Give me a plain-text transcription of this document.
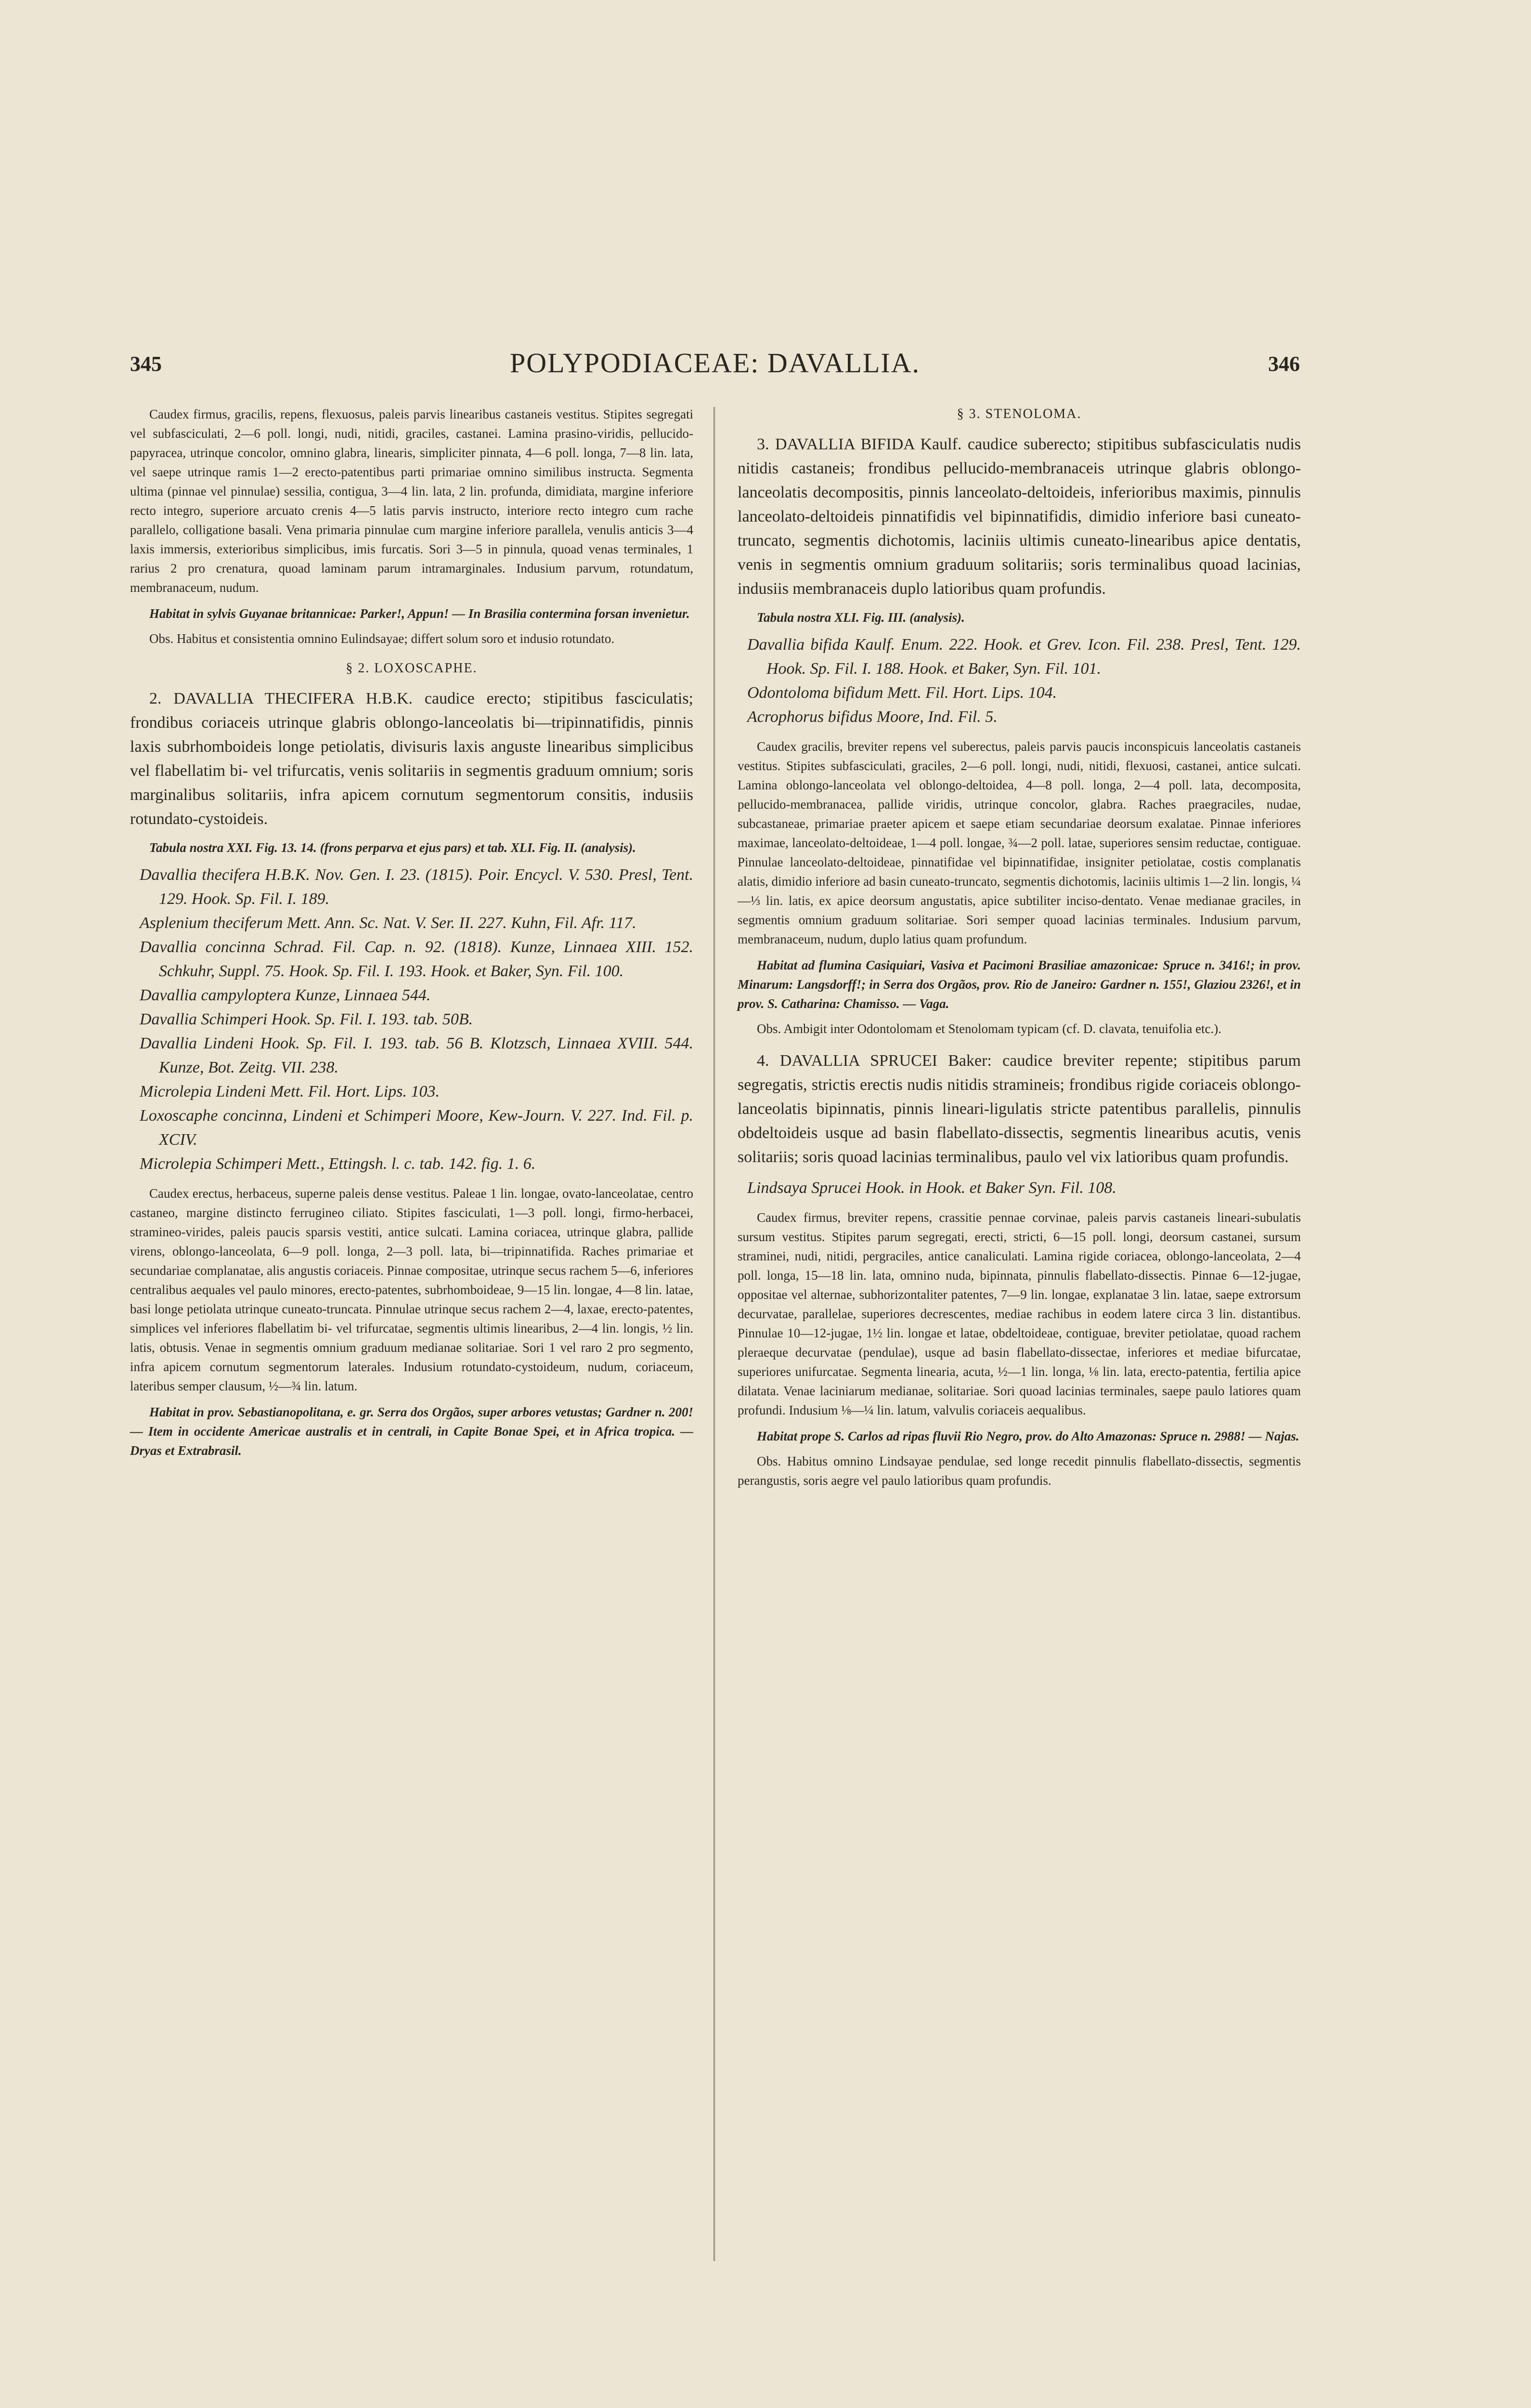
345	POLYPODIACEAE: DAVALLIA.	346

Caudex firmus, gracilis, repens, flexuosus, paleis parvis linearibus castaneis vestitus. Stipites segregati vel subfasciculati, 2—6 poll. longi, nudi, nitidi, graciles, castanei. Lamina prasino-viridis, pellucido-papyracea, utrinque concolor, omnino glabra, linearis, simpliciter pinnata, 4—6 poll. longa, 7—8 lin. lata, vel saepe utrinque ramis 1—2 erecto-patentibus parti primariae omnino similibus instructa. Segmenta ultima (pinnae vel pinnulae) sessilia, contigua, 3—4 lin. lata, 2 lin. profunda, dimidiata, margine inferiore recto integro, superiore arcuato crenis 4—5 latis parvis instructo, interiore recto integro cum rache parallelo, colligatione basali. Vena primaria pinnulae cum margine inferiore parallela, venulis anticis 3—4 laxis immersis, exterioribus simplicibus, imis furcatis. Sori 3—5 in pinnula, quoad venas terminales, 1 rarius 2 pro crenatura, quoad laminam parum intramarginales. Indusium parvum, rotundatum, membranaceum, nudum.

Habitat in sylvis Guyanae britannicae: Parker!, Appun! — In Brasilia contermina forsan invenietur.

Obs. Habitus et consistentia omnino Eulindsayae; differt solum soro et indusio rotundato.

§ 2. LOXOSCAPHE.

2. DAVALLIA THECIFERA H.B.K. caudice erecto; stipitibus fasciculatis; frondibus coriaceis utrinque glabris oblongo-lanceolatis bi—tripinnatifidis, pinnis laxis subrhomboideis longe petiolatis, divisuris laxis anguste linearibus simplicibus vel flabellatim bi- vel trifurcatis, venis solitariis in segmentis graduum omnium; soris marginalibus solitariis, infra apicem cornutum segmentorum consitis, indusiis rotundato-cystoideis.

Tabula nostra XXI. Fig. 13. 14. (frons perparva et ejus pars) et tab. XLI. Fig. II. (analysis).

Davallia thecifera H.B.K. Nov. Gen. I. 23. (1815). Poir. Encycl. V. 530. Presl, Tent. 129. Hook. Sp. Fil. I. 189.

Asplenium theciferum Mett. Ann. Sc. Nat. V. Ser. II. 227. Kuhn, Fil. Afr. 117.

Davallia concinna Schrad. Fil. Cap. n. 92. (1818). Kunze, Linnaea XIII. 152. Schkuhr, Suppl. 75. Hook. Sp. Fil. I. 193. Hook. et Baker, Syn. Fil. 100.

Davallia campyloptera Kunze, Linnaea 544.

Davallia Schimperi Hook. Sp. Fil. I. 193. tab. 50B.

Davallia Lindeni Hook. Sp. Fil. I. 193. tab. 56 B. Klotzsch, Linnaea XVIII. 544. Kunze, Bot. Zeitg. VII. 238.

Microlepia Lindeni Mett. Fil. Hort. Lips. 103.

Loxoscaphe concinna, Lindeni et Schimperi Moore, Kew-Journ. V. 227. Ind. Fil. p. XCIV.

Microlepia Schimperi Mett., Ettingsh. l. c. tab. 142. fig. 1. 6.

Caudex erectus, herbaceus, superne paleis dense vestitus. Paleae 1 lin. longae, ovato-lanceolatae, centro castaneo, margine distincto ferrugineo ciliato. Stipites fasciculati, 1—3 poll. longi, firmo-herbacei, stramineo-virides, paleis paucis sparsis vestiti, antice sulcati. Lamina coriacea, utrinque glabra, pallide virens, oblongo-lanceolata, 6—9 poll. longa, 2—3 poll. lata, bi—tripinnatifida. Raches primariae et secundariae complanatae, alis angustis coriaceis. Pinnae compositae, utrinque secus rachem 5—6, inferiores centralibus aequales vel paulo minores, erecto-patentes, subrhomboideae, 9—15 lin. longae, 4—8 lin. latae, basi longe petiolata utrinque cuneato-truncata. Pinnulae utrinque secus rachem 2—4, laxae, erecto-patentes, simplices vel inferiores flabellatim bi- vel trifurcatae, segmentis ultimis linearibus, 2—4 lin. longis, ½ lin. latis, obtusis. Venae in segmentis omnium graduum medianae solitariae. Sori 1 vel raro 2 pro segmento, infra apicem cornutum segmentorum laterales. Indusium rotundato-cystoideum, nudum, coriaceum, lateribus semper clausum, ½—¾ lin. latum.

Habitat in prov. Sebastianopolitana, e. gr. Serra dos Orgãos, super arbores vetustas; Gardner n. 200! — Item in occidente Americae australis et in centrali, in Capite Bonae Spei, et in Africa tropica. — Dryas et Extrabrasil.

§ 3. STENOLOMA.

3. DAVALLIA BIFIDA Kaulf. caudice suberecto; stipitibus subfasciculatis nudis nitidis castaneis; frondibus pellucido-membranaceis utrinque glabris oblongo-lanceolatis decompositis, pinnis lanceolato-deltoideis, inferioribus maximis, pinnulis lanceolato-deltoideis pinnatifidis vel bipinnatifidis, dimidio inferiore basi cuneato-truncato, segmentis dichotomis, laciniis ultimis cuneato-linearibus apice dentatis, venis in segmentis omnium graduum solitariis; soris terminalibus quoad lacinias, indusiis membranaceis duplo latioribus quam profundis.

Tabula nostra XLI. Fig. III. (analysis).

Davallia bifida Kaulf. Enum. 222. Hook. et Grev. Icon. Fil. 238. Presl, Tent. 129. Hook. Sp. Fil. I. 188. Hook. et Baker, Syn. Fil. 101.

Odontoloma bifidum Mett. Fil. Hort. Lips. 104.

Acrophorus bifidus Moore, Ind. Fil. 5.

Caudex gracilis, breviter repens vel suberectus, paleis parvis paucis inconspicuis lanceolatis castaneis vestitus. Stipites subfasciculati, graciles, 2—6 poll. longi, nudi, nitidi, flexuosi, castanei, antice sulcati. Lamina oblongo-lanceolata vel oblongo-deltoidea, 4—8 poll. longa, 2—4 poll. lata, decomposita, pellucido-membranacea, pallide viridis, utrinque concolor, glabra. Raches praegraciles, nudae, subcastaneae, primariae praeter apicem et saepe etiam secundariae deorsum exalatae. Pinnae inferiores maximae, lanceolato-deltoideae, 1—4 poll. longae, ¾—2 poll. latae, superiores sensim reductae, contiguae. Pinnulae lanceolato-deltoideae, pinnatifidae vel bipinnatifidae, insigniter petiolatae, costis complanatis alatis, dimidio inferiore ad basin cuneato-truncato, segmentis dichotomis, laciniis ultimis 1—2 lin. longis, ¼—⅓ lin. latis, ex apice deorsum angustatis, apice subtiliter inciso-dentato. Venae medianae graciles, in segmentis omnium graduum solitariae. Sori semper quoad lacinias terminales. Indusium parvum, membranaceum, nudum, duplo latius quam profundum.

Habitat ad flumina Casiquiari, Vasiva et Pacimoni Brasiliae amazonicae: Spruce n. 3416!; in prov. Minarum: Langsdorff!; in Serra dos Orgãos, prov. Rio de Janeiro: Gardner n. 155!, Glaziou 2326!, et in prov. S. Catharina: Chamisso. — Vaga.

Obs. Ambigit inter Odontolomam et Stenolomam typicam (cf. D. clavata, tenuifolia etc.).

4. DAVALLIA SPRUCEI Baker: caudice breviter repente; stipitibus parum segregatis, strictis erectis nudis nitidis stramineis; frondibus rigide coriaceis oblongo-lanceolatis bipinnatis, pinnis lineari-ligulatis stricte patentibus parallelis, pinnulis obdeltoideis usque ad basin flabellato-dissectis, segmentis linearibus acutis, venis solitariis; soris quoad lacinias terminalibus, paulo vel vix latioribus quam profundis.

Lindsaya Sprucei Hook. in Hook. et Baker Syn. Fil. 108.

Caudex firmus, breviter repens, crassitie pennae corvinae, paleis parvis castaneis lineari-subulatis sursum vestitus. Stipites parum segregati, erecti, stricti, 6—15 poll. longi, deorsum castanei, sursum straminei, nudi, nitidi, pergraciles, antice canaliculati. Lamina rigide coriacea, oblongo-lanceolata, 2—4 poll. longa, 15—18 lin. lata, omnino nuda, bipinnata, pinnulis flabellato-dissectis. Pinnae 6—12-jugae, oppositae vel alternae, subhorizontaliter patentes, 7—9 lin. longae, explanatae 3 lin. latae, saepe extrorsum decurvatae, parallelae, superiores decrescentes, mediae rachibus in eodem latere circa 3 lin. distantibus. Pinnulae 10—12-jugae, 1½ lin. longae et latae, obdeltoideae, contiguae, breviter petiolatae, quoad rachem pleraeque decurvatae (pendulae), usque ad basin flabellato-dissectae, inferiores et mediae bifurcatae, superiores unifurcatae. Segmenta linearia, acuta, ½—1 lin. longa, ⅛ lin. lata, erecto-patentia, fertilia apice dilatata. Venae laciniarum medianae, solitariae. Sori quoad lacinias terminales, saepe paulo latiores quam profundi. Indusium ⅛—¼ lin. latum, valvulis coriaceis aequalibus.

Habitat prope S. Carlos ad ripas fluvii Rio Negro, prov. do Alto Amazonas: Spruce n. 2988! — Najas.

Obs. Habitus omnino Lindsayae pendulae, sed longe recedit pinnulis flabellato-dissectis, segmentis perangustis, soris aegre vel paulo latioribus quam profundis.
